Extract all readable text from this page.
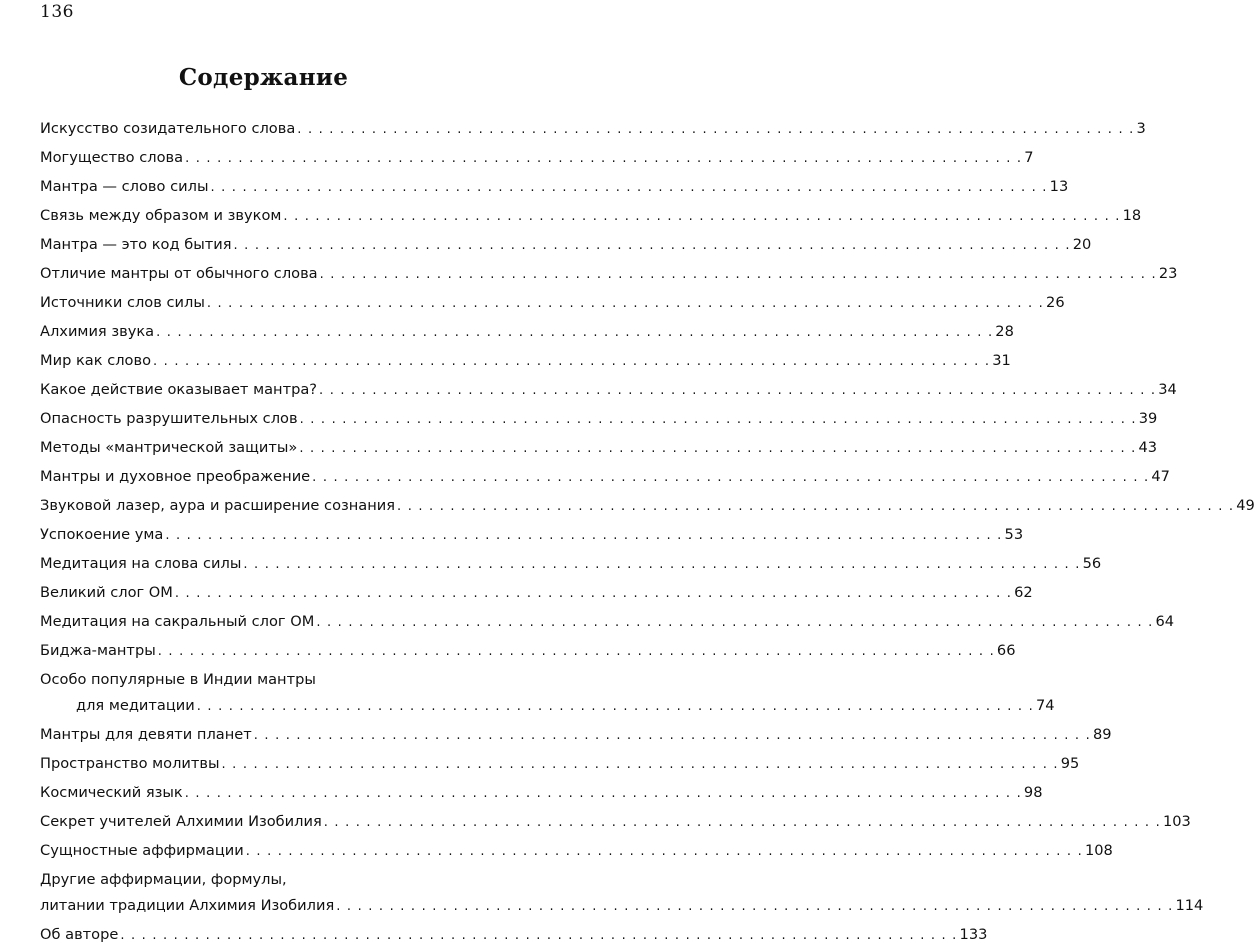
136
Содержание
Искусство созидательного слова . . . . . . . . . . . . . . . . . . . . . . . . . . . . . . . . . . . . . . . . . . . . . . . . . . . . . . . . . . . . . . . . . . . . . . . . . . . . . . . 3
Могущество слова . . . . . . . . . . . . . . . . . . . . . . . . . . . . . . . . . . . . . . . . . . . . . . . . . . . . . . . . . . . . . . . . . . . . . . . . . . . . . . . 7
Мантра — слово силы . . . . . . . . . . . . . . . . . . . . . . . . . . . . . . . . . . . . . . . . . . . . . . . . . . . . . . . . . . . . . . . . . . . . . . . . . . . . . . . 13
Связь между образом и звуком . . . . . . . . . . . . . . . . . . . . . . . . . . . . . . . . . . . . . . . . . . . . . . . . . . . . . . . . . . . . . . . . . . . . . . . . . . . . . . . 18
Мантра — это код бытия . . . . . . . . . . . . . . . . . . . . . . . . . . . . . . . . . . . . . . . . . . . . . . . . . . . . . . . . . . . . . . . . . . . . . . . . . . . . . . . 20
Отличие мантры от обычного слова . . . . . . . . . . . . . . . . . . . . . . . . . . . . . . . . . . . . . . . . . . . . . . . . . . . . . . . . . . . . . . . . . . . . . . . . . . . . . . . 23
Источники слов силы . . . . . . . . . . . . . . . . . . . . . . . . . . . . . . . . . . . . . . . . . . . . . . . . . . . . . . . . . . . . . . . . . . . . . . . . . . . . . . . 26
Алхимия звука . . . . . . . . . . . . . . . . . . . . . . . . . . . . . . . . . . . . . . . . . . . . . . . . . . . . . . . . . . . . . . . . . . . . . . . . . . . . . . . 28
Мир как слово . . . . . . . . . . . . . . . . . . . . . . . . . . . . . . . . . . . . . . . . . . . . . . . . . . . . . . . . . . . . . . . . . . . . . . . . . . . . . . . 31
Какое действие оказывает мантра? . . . . . . . . . . . . . . . . . . . . . . . . . . . . . . . . . . . . . . . . . . . . . . . . . . . . . . . . . . . . . . . . . . . . . . . . . . . . . . . 34
Опасность разрушительных слов . . . . . . . . . . . . . . . . . . . . . . . . . . . . . . . . . . . . . . . . . . . . . . . . . . . . . . . . . . . . . . . . . . . . . . . . . . . . . . . 39
Методы «мантрической защиты» . . . . . . . . . . . . . . . . . . . . . . . . . . . . . . . . . . . . . . . . . . . . . . . . . . . . . . . . . . . . . . . . . . . . . . . . . . . . . . . 43
Мантры и духовное преображение . . . . . . . . . . . . . . . . . . . . . . . . . . . . . . . . . . . . . . . . . . . . . . . . . . . . . . . . . . . . . . . . . . . . . . . . . . . . . . . 47
Звуковой лазер, аура и расширение сознания . . . . . . . . . . . . . . . . . . . . . . . . . . . . . . . . . . . . . . . . . . . . . . . . . . . . . . . . . . . . . . . . . . . . . . . . . . . . . . . 49
Успокоение ума . . . . . . . . . . . . . . . . . . . . . . . . . . . . . . . . . . . . . . . . . . . . . . . . . . . . . . . . . . . . . . . . . . . . . . . . . . . . . . . 53
Медитация на слова силы . . . . . . . . . . . . . . . . . . . . . . . . . . . . . . . . . . . . . . . . . . . . . . . . . . . . . . . . . . . . . . . . . . . . . . . . . . . . . . . 56
Великий слог ОМ . . . . . . . . . . . . . . . . . . . . . . . . . . . . . . . . . . . . . . . . . . . . . . . . . . . . . . . . . . . . . . . . . . . . . . . . . . . . . . . 62
Медитация на сакральный слог ОМ . . . . . . . . . . . . . . . . . . . . . . . . . . . . . . . . . . . . . . . . . . . . . . . . . . . . . . . . . . . . . . . . . . . . . . . . . . . . . . . 64
Биджа-мантры . . . . . . . . . . . . . . . . . . . . . . . . . . . . . . . . . . . . . . . . . . . . . . . . . . . . . . . . . . . . . . . . . . . . . . . . . . . . . . . 66
Особо популярные в Индии мантры
для медитации . . . . . . . . . . . . . . . . . . . . . . . . . . . . . . . . . . . . . . . . . . . . . . . . . . . . . . . . . . . . . . . . . . . . . . . . . . . . . . . 74
Мантры для девяти планет . . . . . . . . . . . . . . . . . . . . . . . . . . . . . . . . . . . . . . . . . . . . . . . . . . . . . . . . . . . . . . . . . . . . . . . . . . . . . . . 89
Пространство молитвы . . . . . . . . . . . . . . . . . . . . . . . . . . . . . . . . . . . . . . . . . . . . . . . . . . . . . . . . . . . . . . . . . . . . . . . . . . . . . . . 95
Космический язык . . . . . . . . . . . . . . . . . . . . . . . . . . . . . . . . . . . . . . . . . . . . . . . . . . . . . . . . . . . . . . . . . . . . . . . . . . . . . . . 98
Секрет учителей Алхимии Изобилия . . . . . . . . . . . . . . . . . . . . . . . . . . . . . . . . . . . . . . . . . . . . . . . . . . . . . . . . . . . . . . . . . . . . . . . . . . . . . . . 103
Сущностные аффирмации . . . . . . . . . . . . . . . . . . . . . . . . . . . . . . . . . . . . . . . . . . . . . . . . . . . . . . . . . . . . . . . . . . . . . . . . . . . . . . . 108
Другие аффирмации, формулы,
литании традиции Алхимия Изобилия . . . . . . . . . . . . . . . . . . . . . . . . . . . . . . . . . . . . . . . . . . . . . . . . . . . . . . . . . . . . . . . . . . . . . . . . . . . . . . . 114
Об авторе . . . . . . . . . . . . . . . . . . . . . . . . . . . . . . . . . . . . . . . . . . . . . . . . . . . . . . . . . . . . . . . . . . . . . . . . . . . . . . . 133
